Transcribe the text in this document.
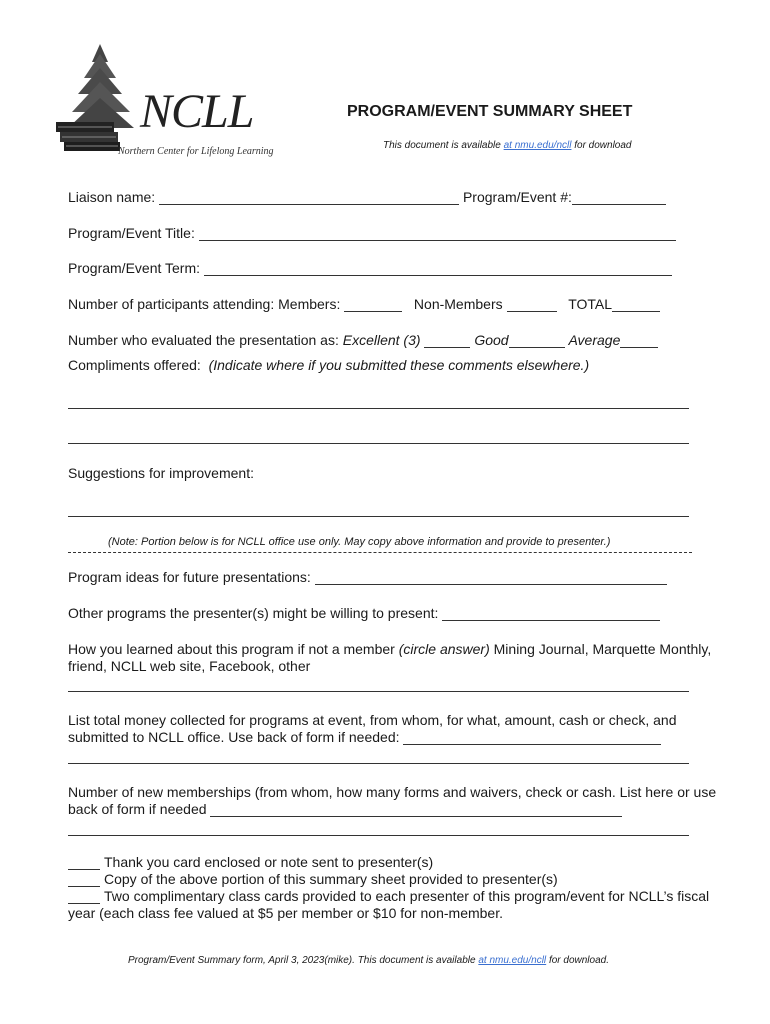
NCLL
Northern Center for Lifelong Learning
PROGRAM/EVENT SUMMARY SHEET
This document is available at nmu.edu/ncll for download
Liaison name:	Program/Event #:
Program/Event Title:
Program/Event Term:
Number of participants attending: Members:	Non-Members	TOTAL
Number who evaluated the presentation as: Excellent (3)	Good	Average
Compliments offered: (Indicate where if you submitted these comments elsewhere.)
Suggestions for improvement:
(Note: Portion below is for NCLL office use only. May copy above information and provide to presenter.)
Program ideas for future presentations:
Other programs the presenter(s) might be willing to present:
How you learned about this program if not a member (circle answer) Mining Journal, Marquette Monthly, friend, NCLL web site, Facebook, other
List total money collected for programs at event, from whom, for what, amount, cash or check, and submitted to NCLL office. Use back of form if needed:
Number of new memberships (from whom, how many forms and waivers, check or cash. List here or use back of form if needed
Thank you card enclosed or note sent to presenter(s)
Copy of the above portion of this summary sheet provided to presenter(s)
Two complimentary class cards provided to each presenter of this program/event for NCLL’s fiscal year (each class fee valued at $5 per member or $10 for non-member.
Program/Event Summary form, April 3, 2023(mike). This document is available at nmu.edu/ncll for download.
